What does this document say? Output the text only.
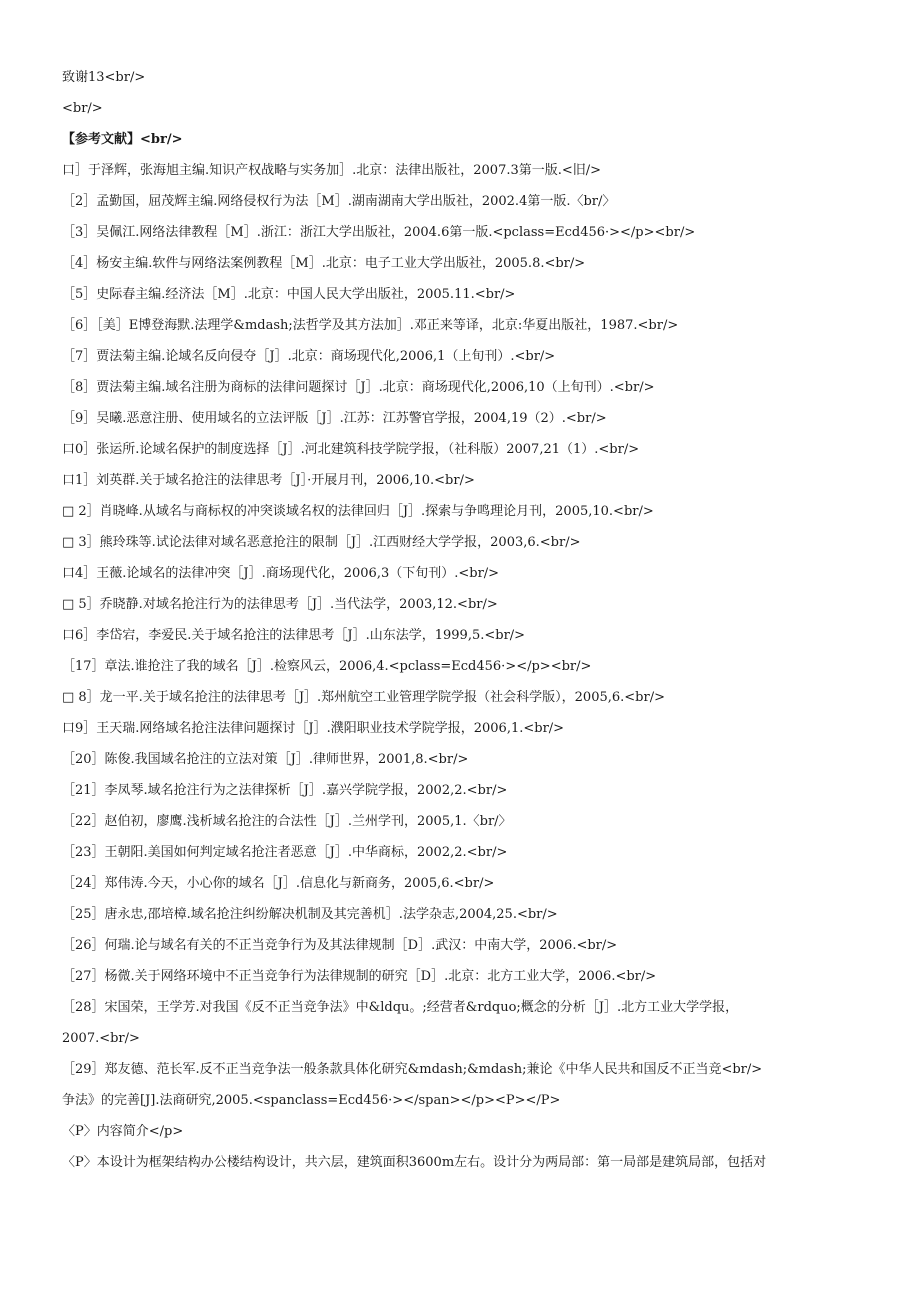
致谢13<br/>
<br/>
【参考文献】<br/>
口］于泽辉，张海旭主编.知识产权战略与实务加］.北京：法律出版社，2007.3第一版.<旧/>
［2］孟勤国，屈茂辉主编.网络侵权行为法［M］.湖南湖南大学出版社，2002.4第一版.〈br/〉
［3］吴佩江.网络法律教程［M］.浙江：浙江大学出版社，2004.6第一版.<pclass=Ecd456·></p><br/>
［4］杨安主编.软件与网络法案例教程［M］.北京：电子工业大学出版社，2005.8.<br/>
［5］史际春主编.经济法［M］.北京：中国人民大学出版社，2005.11.<br/>
［6］［美］E博登海默.法理学&mdash;法哲学及其方法加］.邓正来等译，北京:华夏出版社，1987.<br/>
［7］贾法菊主编.论域名反向侵夺［J］.北京：商场现代化,2006,1（上旬刊）.<br/>
［8］贾法菊主编.域名注册为商标的法律问题探讨［J］.北京：商场现代化,2006,10（上旬刊）.<br/>
［9］吴曦.恶意注册、使用域名的立法评版［J］.江苏：江苏警官学报，2004,19（2）.<br/>
口0］张运所.论域名保护的制度选择［J］.河北建筑科技学院学报，（社科版）2007,21（1）.<br/>
口1］刘英群.关于域名抢注的法律思考［J］·开展月刊，2006,10.<br/>
□ 2］肖晓峰.从域名与商标权的冲突谈域名权的法律回归［J］.探索与争鸣理论月刊，2005,10.<br/>
□ 3］熊玲珠等.试论法律对域名恶意抢注的限制［J］.江西财经大学学报，2003,6.<br/>
口4］王薇.论域名的法律冲突［J］.商场现代化，2006,3（下旬刊）.<br/>
□ 5］乔晓静.对域名抢注行为的法律思考［J］.当代法学，2003,12.<br/>
口6］李岱宕，李爱民.关于域名抢注的法律思考［J］.山东法学，1999,5.<br/>
［17］章法.谁抢注了我的域名［J］.检察风云，2006,4.<pclass=Ecd456·></p><br/>
□ 8］龙一平.关于域名抢注的法律思考［J］.郑州航空工业管理学院学报（社会科学版），2005,6.<br/>
口9］王天瑞.网络域名抢注法律问题探讨［J］.濮阳职业技术学院学报，2006,1.<br/>
［20］陈俊.我国域名抢注的立法对策［J］.律师世界，2001,8.<br/>
［21］李凤琴.域名抢注行为之法律探析［J］.嘉兴学院学报，2002,2.<br/>
［22］赵伯初，廖鹰.浅析域名抢注的合法性［J］.兰州学刊，2005,1.〈br/〉
［23］王朝阳.美国如何判定域名抢注者恶意［J］.中华商标，2002,2.<br/>
［24］郑伟涛.今天，小心你的域名［J］.信息化与新商务，2005,6.<br/>
［25］唐永忠,邵培樟.域名抢注纠纷解决机制及其完善机］.法学杂志,2004,25.<br/>
［26］何瑞.论与域名有关的不正当竞争行为及其法律规制［D］.武汉：中南大学，2006.<br/>
［27］杨微.关于网络环境中不正当竞争行为法律规制的研究［D］.北京：北方工业大学，2006.<br/>
［28］宋国荣，王学芳.对我国《反不正当竞争法》中&ldqu。;经营者&rdquo;概念的分析［J］.北方工业大学学报，
2007.<br/>
［29］郑友德、范长军.反不正当竞争法一般条款具体化研究&mdash;&mdash;兼论《中华人民共和国反不正当竞<br/>
争法》的完善[J].法商研究,2005.<spanclass=Ecd456·></span></p><P></P>
〈P〉内容简介</p>
〈P〉本设计为框架结构办公楼结构设计，共六层，建筑面积3600m左右。设计分为两局部：第一局部是建筑局部，包括对
